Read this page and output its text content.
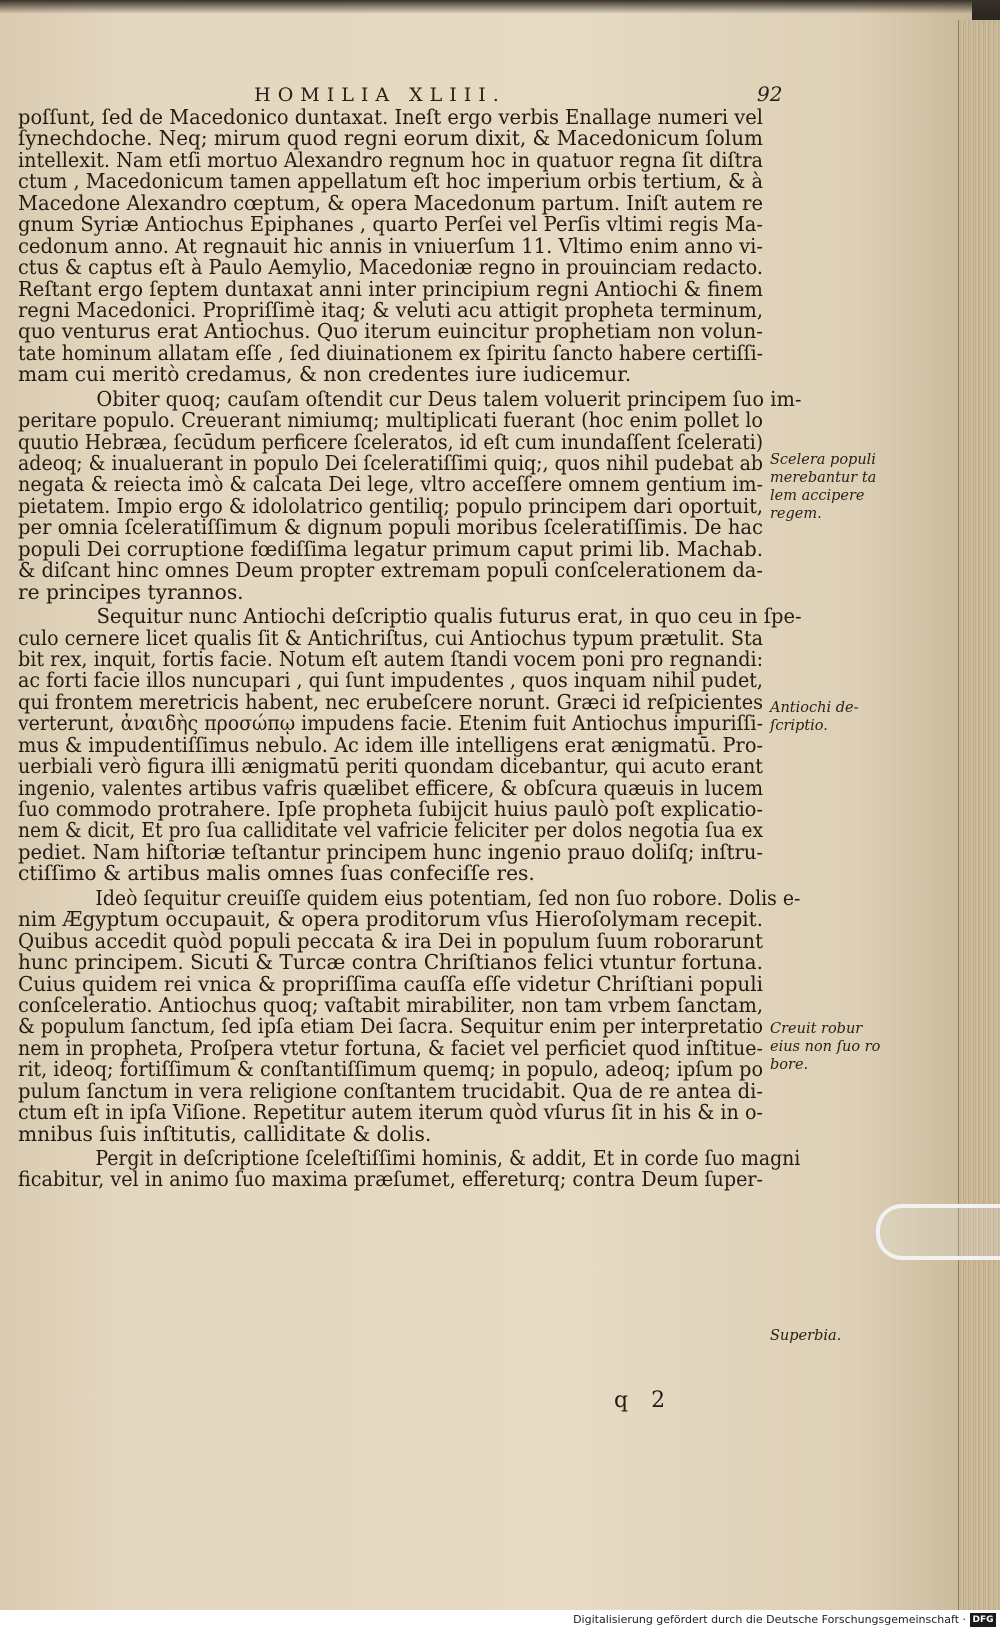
HOMILIA XLIII.	92
poſſunt, ſed de Macedonico duntaxat. Ineſt ergo verbis Enallage numeri vel
ſynechdoche. Neq; mirum quod regni eorum dixit, & Macedonicum ſolum
intellexit. Nam etſi mortuo Alexandro regnum hoc in quatuor regna ſit diſtra
ctum , Macedonicum tamen appellatum eſt hoc imperium orbis tertium, & à
Macedone Alexandro cœptum, & opera Macedonum partum. Iniſt autem re
gnum Syriæ Antiochus Epiphanes , quarto Perſei vel Perſis vltimi regis Ma-
cedonum anno. At regnauit hic annis in vniuerſum 11. Vltimo enim anno vi-
ctus & captus eſt à Paulo Aemylio, Macedoniæ regno in prouinciam redacto.
Reſtant ergo ſeptem duntaxat anni inter principium regni Antiochi & finem
regni Macedonici. Propriſſimè itaq; & veluti acu attigit propheta terminum,
quo venturus erat Antiochus. Quo iterum euincitur prophetiam non volun-
tate hominum allatam eſſe , ſed diuinationem ex ſpiritu ſancto habere certiſſi-
mam cui meritò credamus, & non credentes iure iudicemur.
Obiter quoq; cauſam oſtendit cur Deus talem voluerit principem ſuo im-
peritare populo. Creuerant nimiumq; multiplicati fuerant (hoc enim pollet lo
quutio Hebræa, ſecūdum perficere ſceleratos, id eſt cum inundaſſent ſcelerati)
adeoq; & inualuerant in populo Dei ſceleratiſſimi quiq;, quos nihil pudebat ab
negata & reiecta imò & calcata Dei lege, vltro acceſſere omnem gentium im-
pietatem. Impio ergo & idololatrico gentiliq; populo principem dari oportuit,
per omnia ſceleratiſſimum & dignum populi moribus ſceleratiſſimis. De hac
populi Dei corruptione fœdiſſima legatur primum caput primi lib. Machab.
& diſcant hinc omnes Deum propter extremam populi conſcelerationem da-
re principes tyrannos.
Sequitur nunc Antiochi deſcriptio qualis futurus erat, in quo ceu in ſpe-
culo cernere licet qualis ſit & Antichriſtus, cui Antiochus typum prætulit. Sta
bit rex, inquit, fortis facie. Notum eſt autem ſtandi vocem poni pro regnandi:
ac forti facie illos nuncupari , qui ſunt impudentes , quos inquam nihil pudet,
qui frontem meretricis habent, nec erubeſcere norunt. Græci id reſpicientes
verterunt, ἀναιδὴς προσώπῳ impudens facie. Etenim fuit Antiochus impuriſſi-
mus & impudentiſſimus nebulo. Ac idem ille intelligens erat ænigmatū. Pro-
uerbiali verò figura illi ænigmatū periti quondam dicebantur, qui acuto erant
ingenio, valentes artibus vafris quælibet efficere, & obſcura quæuis in lucem
ſuo commodo protrahere. Ipſe propheta ſubijcit huius paulò poſt explicatio-
nem & dicit, Et pro ſua calliditate vel vafricie feliciter per dolos negotia ſua ex
pediet. Nam hiſtoriæ teſtantur principem hunc ingenio prauo doliſq; inſtru-
ctiſſimo & artibus malis omnes ſuas confeciſſe res.
Ideò ſequitur creuiſſe quidem eius potentiam, ſed non ſuo robore. Dolis e-
nim Ægyptum occupauit, & opera proditorum vſus Hieroſolymam recepit.
Quibus accedit quòd populi peccata & ira Dei in populum ſuum roborarunt
hunc principem. Sicuti & Turcæ contra Chriſtianos felici vtuntur fortuna.
Cuius quidem rei vnica & propriſſima cauſſa eſſe videtur Chriſtiani populi
conſceleratio. Antiochus quoq; vaſtabit mirabiliter, non tam vrbem ſanctam,
& populum ſanctum, ſed ipſa etiam Dei ſacra. Sequitur enim per interpretatio
nem in propheta, Proſpera vtetur fortuna, & faciet vel perficiet quod inſtitue-
rit, ideoq; fortiſſimum & conſtantiſſimum quemq; in populo, adeoq; ipſum po
pulum ſanctum in vera religione conſtantem trucidabit. Qua de re antea di-
ctum eſt in ipſa Viſione. Repetitur autem iterum quòd vſurus ſit in his & in o-
mnibus ſuis inſtitutis, calliditate & dolis.
Pergit in deſcriptione ſceleſtiſſimi hominis, & addit, Et in corde ſuo magni
ficabitur, vel in animo ſuo maxima præſumet, effereturq; contra Deum ſuper-
Scelera populi
merebantur ta
lem accipere
regem.
Antiochi de-
ſcriptio.
Creuit robur
eius non ſuo ro
bore.
Superbia.
q 2
Digitalisierung gefördert durch die Deutsche Forschungsgemeinschaft · DFG
